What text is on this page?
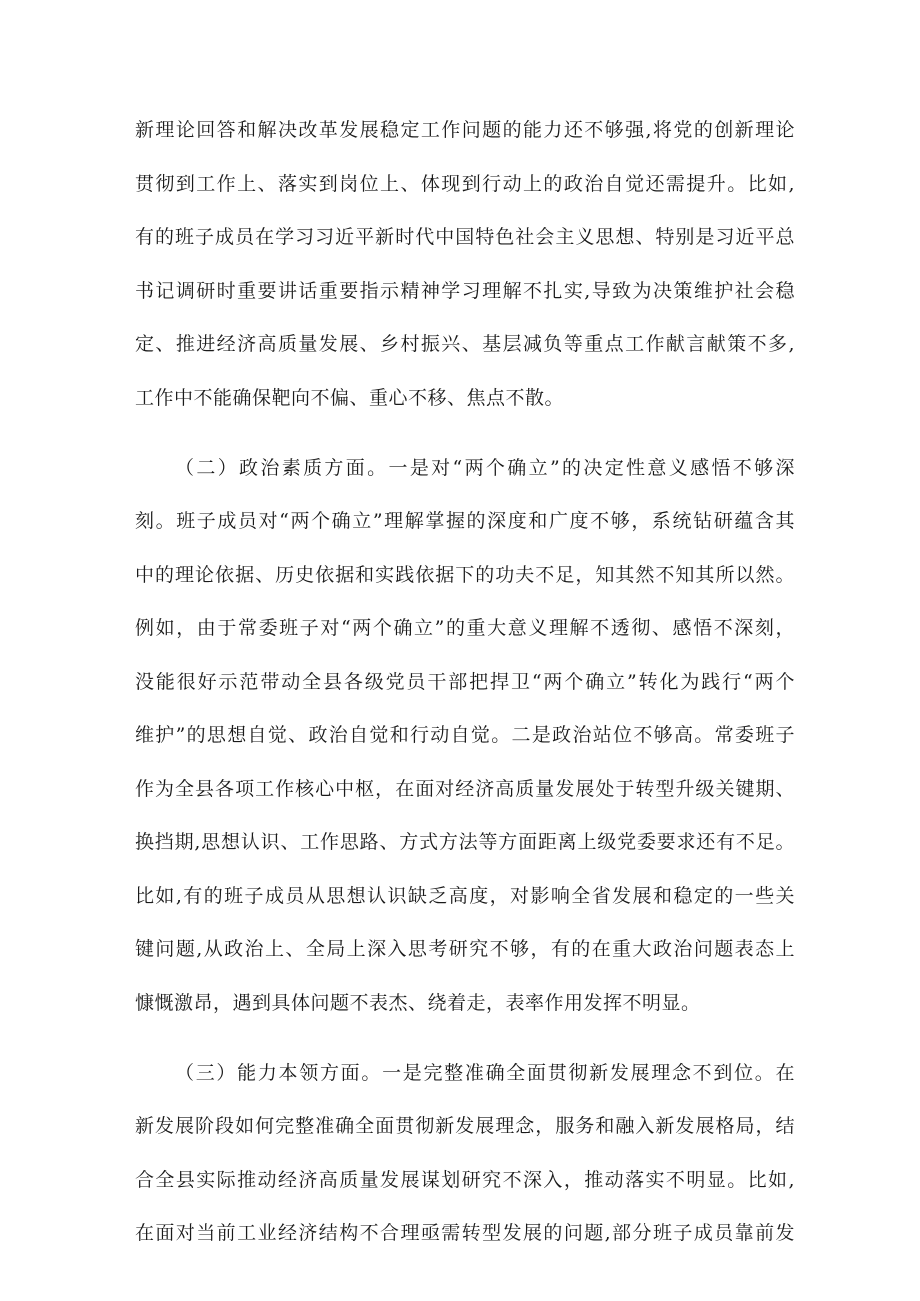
新理论回答和解决改革发展稳定工作问题的能力还不够强,将党的创新理论
贯彻到工作上、落实到岗位上、体现到行动上的政治自觉还需提升。比如,
有的班子成员在学习习近平新时代中国特色社会主义思想、特别是习近平总
书记调研时重要讲话重要指示精神学习理解不扎实,导致为决策维护社会稳
定、推进经济高质量发展、乡村振兴、基层减负等重点工作献言献策不多,
工作中不能确保靶向不偏、重心不移、焦点不散。
（二）政治素质方面。一是对“两个确立”的决定性意义感悟不够深
刻。班子成员对“两个确立”理解掌握的深度和广度不够，系统钻研蕴含其
中的理论依据、历史依据和实践依据下的功夫不足，知其然不知其所以然。
例如，由于常委班子对“两个确立”的重大意义理解不透彻、感悟不深刻，
没能很好示范带动全县各级党员干部把捍卫“两个确立”转化为践行“两个
维护”的思想自觉、政治自觉和行动自觉。二是政治站位不够高。常委班子
作为全县各项工作核心中枢，在面对经济高质量发展处于转型升级关键期、
换挡期,思想认识、工作思路、方式方法等方面距离上级党委要求还有不足。
比如,有的班子成员从思想认识缺乏高度，对影响全省发展和稳定的一些关
键问题,从政治上、全局上深入思考研究不够，有的在重大政治问题表态上
慷慨激昂，遇到具体问题不表杰、绕着走，表率作用发挥不明显。
（三）能力本领方面。一是完整准确全面贯彻新发展理念不到位。在
新发展阶段如何完整准确全面贯彻新发展理念，服务和融入新发展格局，结
合全县实际推动经济高质量发展谋划研究不深入，推动落实不明显。比如,
在面对当前工业经济结构不合理亟需转型发展的问题,部分班子成员靠前发
